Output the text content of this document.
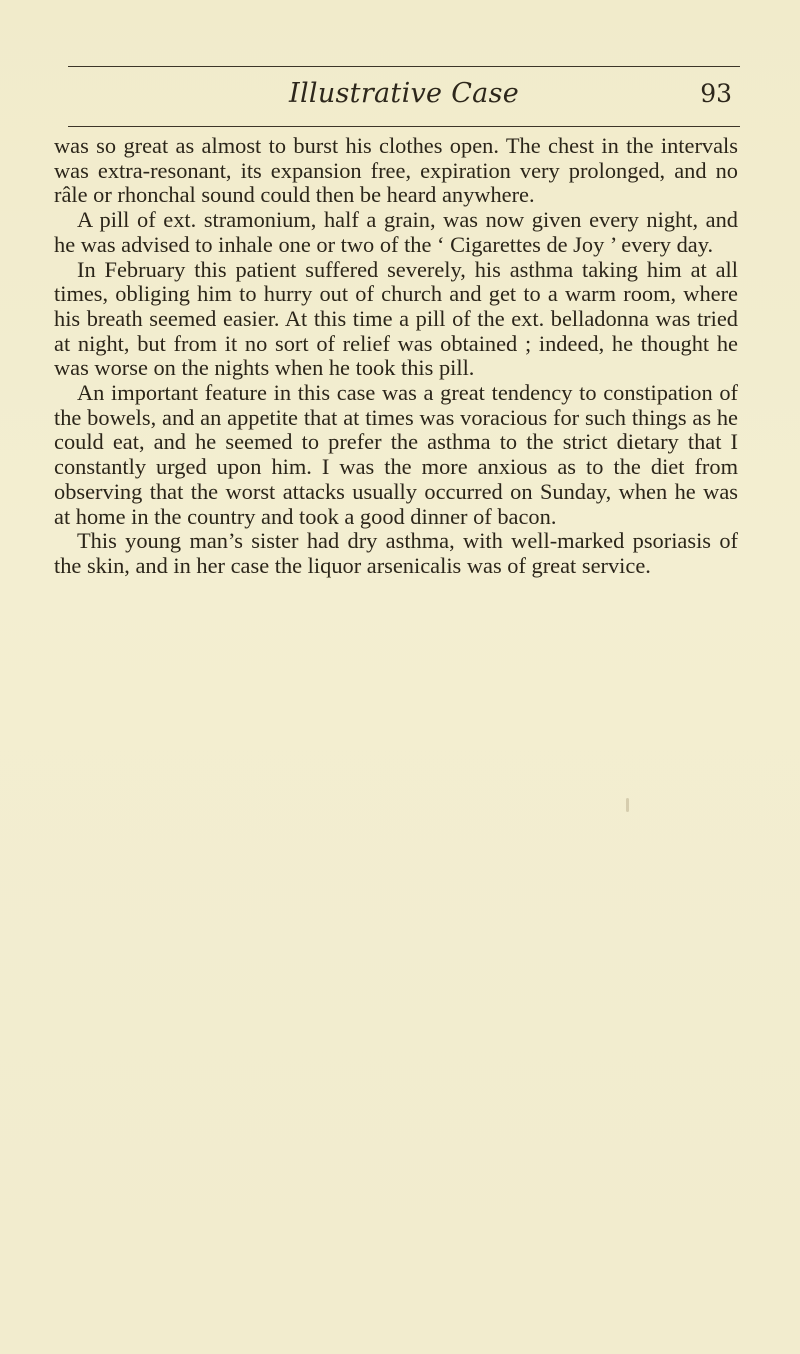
Illustrative Case	93

was so great as almost to burst his clothes open. The chest in the intervals was extra-resonant, its expansion free, expiration very prolonged, and no râle or rhonchal sound could then be heard anywhere.

A pill of ext. stramonium, half a grain, was now given every night, and he was advised to inhale one or two of the ‘ Cigarettes de Joy ’ every day.

In February this patient suffered severely, his asthma taking him at all times, obliging him to hurry out of church and get to a warm room, where his breath seemed easier. At this time a pill of the ext. belladonna was tried at night, but from it no sort of relief was obtained ; indeed, he thought he was worse on the nights when he took this pill.

An important feature in this case was a great tendency to constipation of the bowels, and an appetite that at times was voracious for such things as he could eat, and he seemed to prefer the asthma to the strict dietary that I constantly urged upon him. I was the more anxious as to the diet from observing that the worst attacks usually occurred on Sunday, when he was at home in the country and took a good dinner of bacon.

This young man’s sister had dry asthma, with well-marked psoriasis of the skin, and in her case the liquor arsenicalis was of great service.
